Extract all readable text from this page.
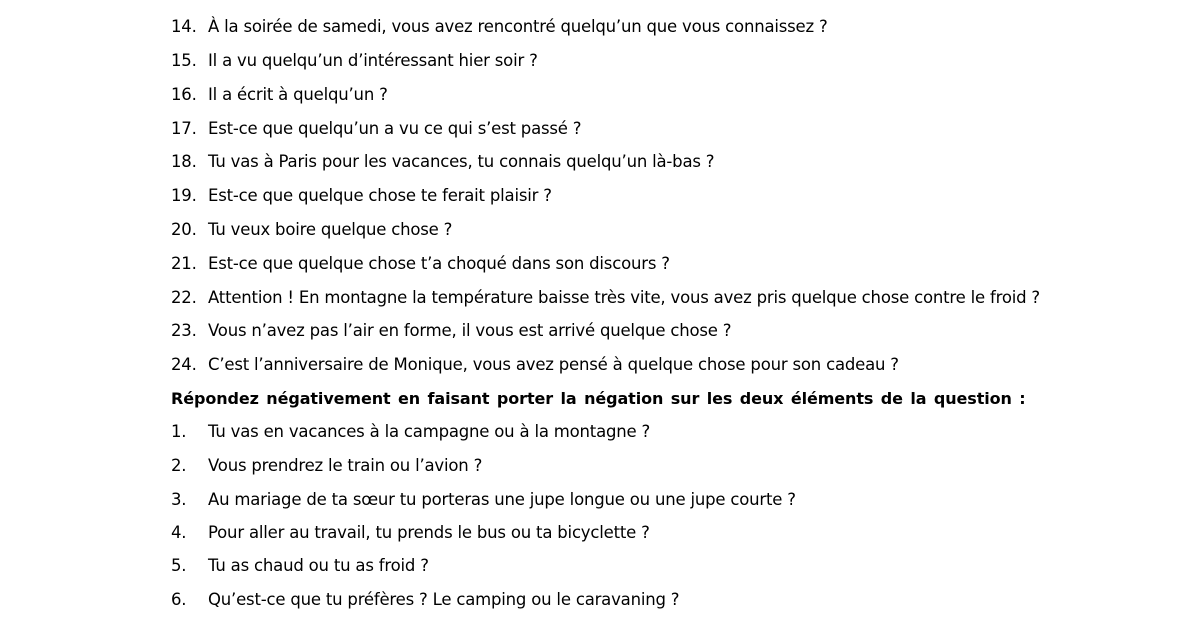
14. À la soirée de samedi, vous avez rencontré quelqu’un que vous connaissez ?
15. Il a vu quelqu’un d’intéressant hier soir ?
16. Il a écrit à quelqu’un ?
17. Est-ce que quelqu’un a vu ce qui s’est passé ?
18. Tu vas à Paris pour les vacances, tu connais quelqu’un là-bas ?
19. Est-ce que quelque chose te ferait plaisir ?
20. Tu veux boire quelque chose ?
21. Est-ce que quelque chose t’a choqué dans son discours ?
22. Attention ! En montagne la température baisse très vite, vous avez pris quelque chose contre le froid ?
23. Vous n’avez pas l’air en forme, il vous est arrivé quelque chose ?
24. C’est l’anniversaire de Monique, vous avez pensé à quelque chose pour son cadeau ?
Répondez négativement en faisant porter la négation sur les deux éléments de la question :
1. Tu vas en vacances à la campagne ou à la montagne ?
2. Vous prendrez le train ou l’avion ?
3. Au mariage de ta sœur tu porteras une jupe longue ou une jupe courte ?
4. Pour aller au travail, tu prends le bus ou ta bicyclette ?
5. Tu as chaud ou tu as froid ?
6. Qu’est-ce que tu préfères ? Le camping ou le caravaning ?
